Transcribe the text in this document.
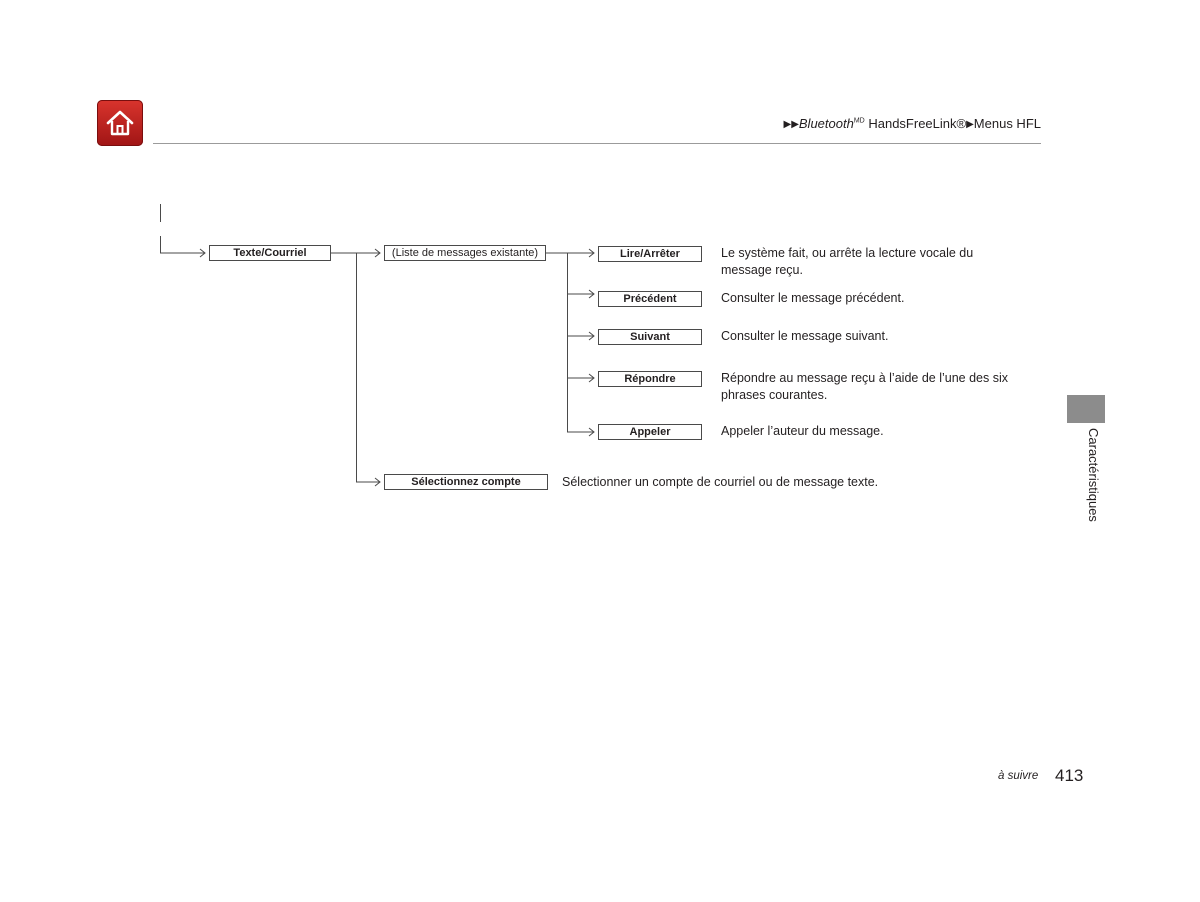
▶▶Bluetooth$^{MD}$ HandsFreeLink®▶Menus HFL
Texte/Courriel	(Liste de messages existante)	Lire/Arrêter	Le système fait, ou arrête la lecture vocale du
message reçu.
Précédent	Consulter le message précédent.
Suivant	Consulter le message suivant.
Répondre	Répondre au message reçu à l’aide de l’une des six
phrases courantes.
Appeler	Appeler l’auteur du message.
Sélectionnez compte	Sélectionner un compte de courriel ou de message texte.	Caractéristiques
à suivre 413
